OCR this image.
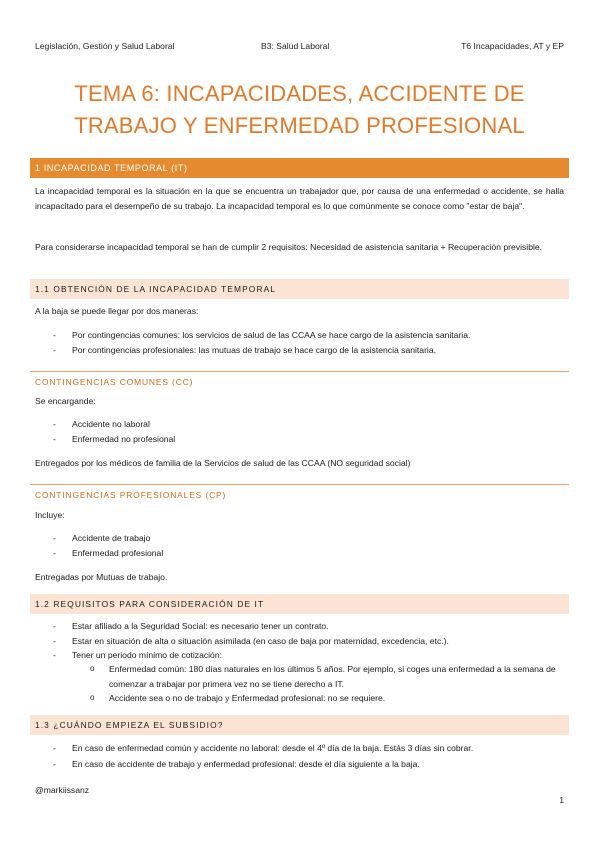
Legislación, Gestión y Salud Laboral	B3: Salud Laboral	T6 Incapacidades, AT y EP
TEMA 6: INCAPACIDADES, ACCIDENTE DE
TRABAJO Y ENFERMEDAD PROFESIONAL
1 INCAPACIDAD TEMPORAL (IT)
La incapacidad temporal es la situación en la que se encuentra un trabajador que, por causa de una enfermedad o accidente, se halla incapacitado para el desempeño de su trabajo. La incapacidad temporal es lo que comúnmente se conoce como "estar de baja".
Para considerarse incapacidad temporal se han de cumplir 2 requisitos: Necesidad de asistencia sanitaria + Recuperación previsible.
1.1 OBTENCIÓN DE LA INCAPACIDAD TEMPORAL
A la baja se puede llegar por dos maneras:
-	Por contingencias comunes: los servicios de salud de las CCAA se hace cargo de la asistencia sanitaria.
-	Por contingencias profesionales: las mutuas de trabajo se hace cargo de la asistencia sanitaria.
CONTINGENCIAS COMUNES (CC)
Se encargande:
-	Accidente no laboral
-	Enfermedad no profesional
Entregados por los médicos de familia de la Servicios de salud de las CCAA (NO seguridad social)
CONTINGENCIAS PROFESIONALES (CP)
Incluye:
-	Accidente de trabajo
-	Enfermedad profesional
Entregadas por Mutuas de trabajo.
1.2 REQUISITOS PARA CONSIDERACIÓN DE IT
-	Estar afiliado a la Seguridad Social: es necesario tener un contrato.
-	Estar en situación de alta o situación asimilada (en caso de baja por maternidad, excedencia, etc.).
-	Tener un periodo mínimo de cotización:
o Enfermedad común: 180 días naturales en los últimos 5 años. Por ejemplo, si coges una enfermedad a la semana de comenzar a trabajar por primera vez no se tiene derecho a IT.
o Accidente sea o no de trabajo y Enfermedad profesional: no se requiere.
1.3 ¿CUÁNDO EMPIEZA EL SUBSIDIO?
-	En caso de enfermedad común y accidente no laboral: desde el 4º día de la baja. Estás 3 días sin cobrar.
-	En caso de accidente de trabajo y enfermedad profesional: desde el día siguiente a la baja.
@markiissanz
1
